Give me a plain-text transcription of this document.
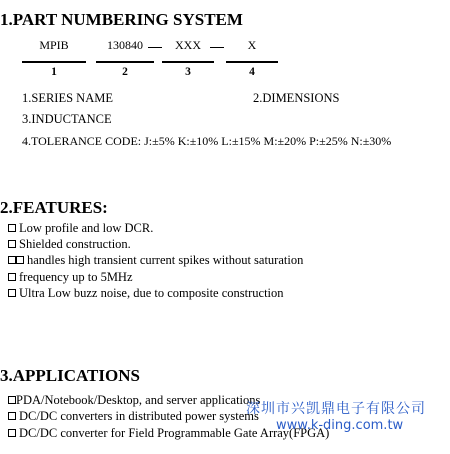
1.PART NUMBERING SYSTEM
MPIB	130840	XXX	X
1	2	3	4
1.SERIES NAME	2.DIMENSIONS
3.INDUCTANCE
4.TOLERANCE CODE: J:±5% K:±10% L:±15% M:±20% P:±25% N:±30%
2.FEATURES:
Low profile and low DCR.
Shielded construction.
handles high transient current spikes without saturation
frequency up to 5MHz
Ultra Low buzz noise, due to composite construction
3.APPLICATIONS
PDA/Notebook/Desktop, and server applications
DC/DC converters in distributed power systems
DC/DC converter for Field Programmable Gate Array(FPGA)
深圳市兴凯鼎电子有限公司
www.k-ding.com.tw
